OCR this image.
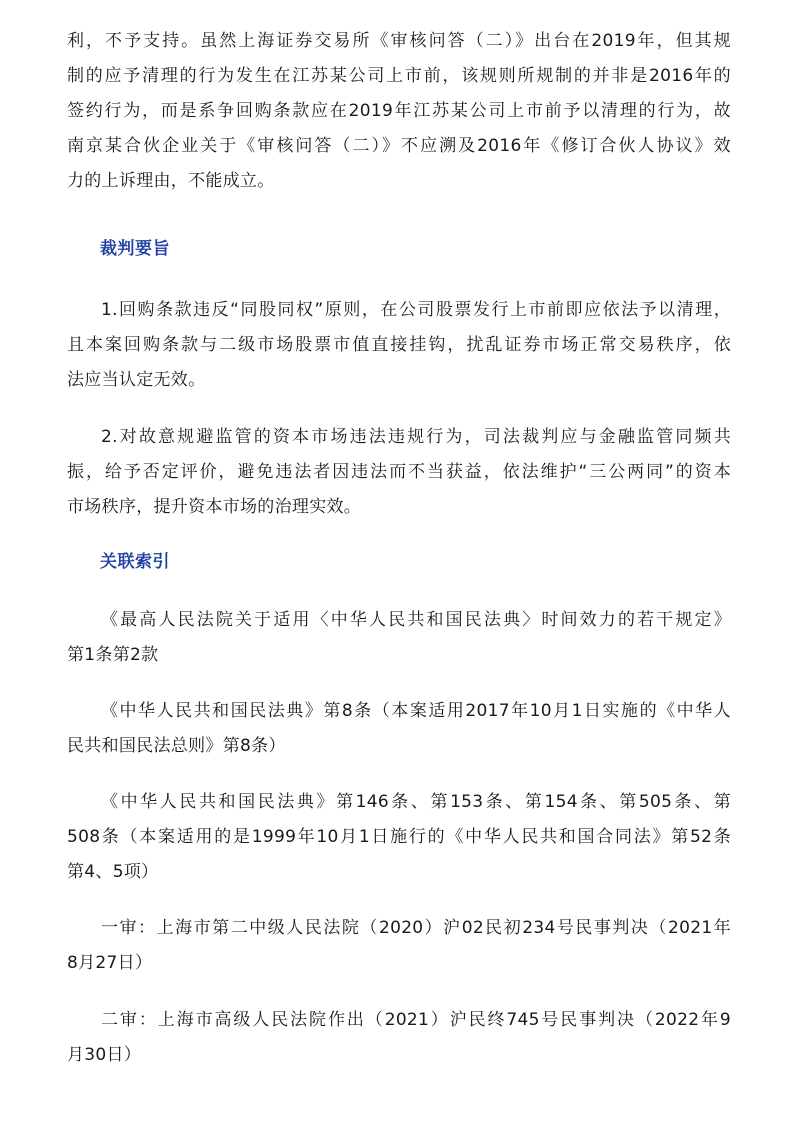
利，不予支持。虽然上海证券交易所《审核问答（二）》出台在2019年，但其规
制的应予清理的行为发生在江苏某公司上市前，该规则所规制的并非是2016年的
签约行为，而是系争回购条款应在2019年江苏某公司上市前予以清理的行为，故
南京某合伙企业关于《审核问答（二）》不应溯及2016年《修订合伙人协议》效
力的上诉理由，不能成立。

裁判要旨

1.回购条款违反“同股同权”原则，在公司股票发行上市前即应依法予以清理，
且本案回购条款与二级市场股票市值直接挂钩，扰乱证券市场正常交易秩序，依
法应当认定无效。

2.对故意规避监管的资本市场违法违规行为，司法裁判应与金融监管同频共
振，给予否定评价，避免违法者因违法而不当获益，依法维护“三公两同”的资本
市场秩序，提升资本市场的治理实效。

关联索引

《最高人民法院关于适用〈中华人民共和国民法典〉时间效力的若干规定》
第1条第2款

《中华人民共和国民法典》第8条（本案适用2017年10月1日实施的《中华人
民共和国民法总则》第8条）

《中华人民共和国民法典》第146条、第153条、第154条、第505条、第
508条（本案适用的是1999年10月1日施行的《中华人民共和国合同法》第52条
第4、5项）

一审：上海市第二中级人民法院（2020）沪02民初234号民事判决（2021年
8月27日）

二审：上海市高级人民法院作出（2021）沪民终745号民事判决（2022年9
月30日）
